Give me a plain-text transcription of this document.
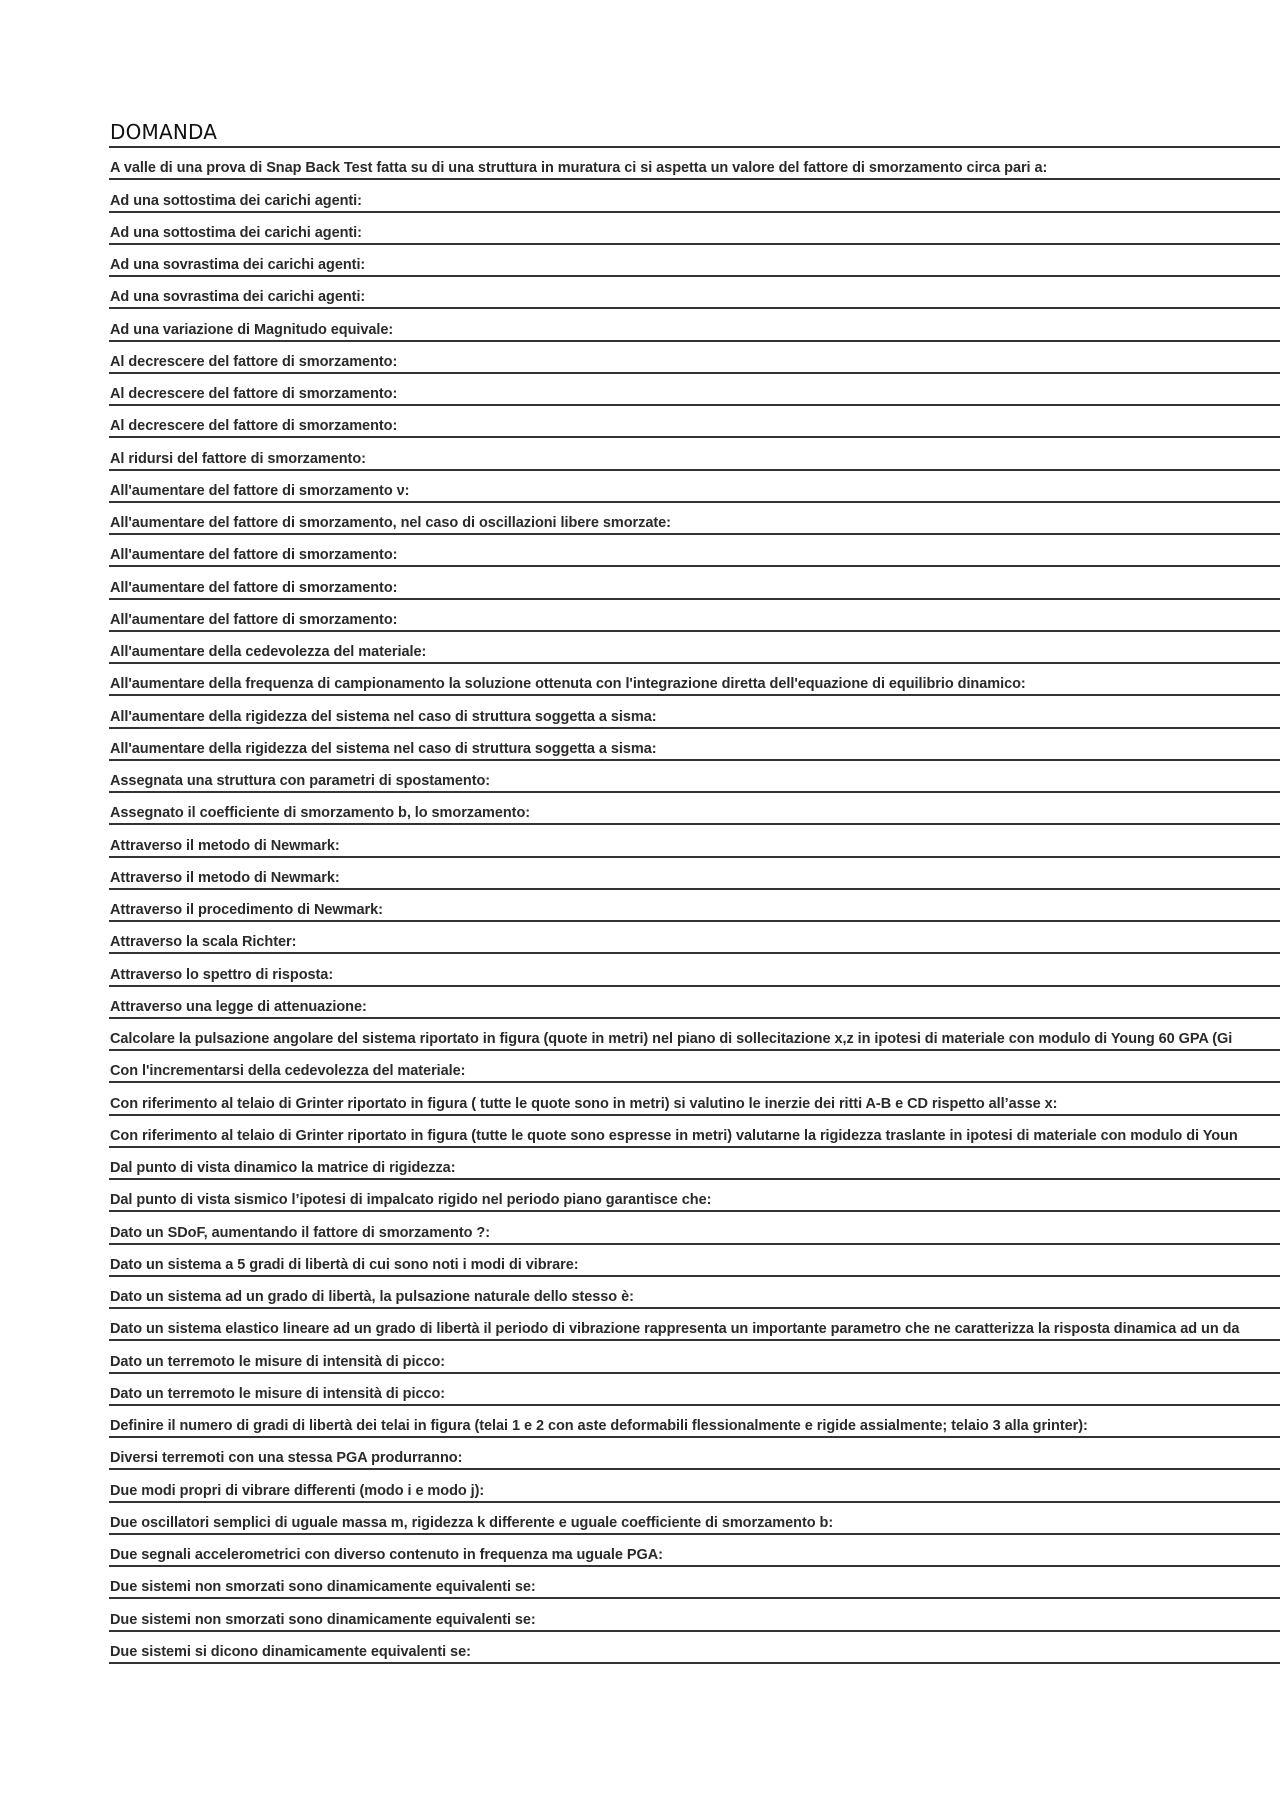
DOMANDA
A valle di una prova di Snap Back Test fatta su di una struttura in muratura ci si aspetta un valore del fattore di smorzamento circa pari a:
Ad una sottostima dei carichi agenti:
Ad una sottostima dei carichi agenti:
Ad una sovrastima dei carichi agenti:
Ad una sovrastima dei carichi agenti:
Ad una variazione di Magnitudo equivale:
Al decrescere del fattore di smorzamento:
Al decrescere del fattore di smorzamento:
Al decrescere del fattore di smorzamento:
Al ridursi del fattore di smorzamento:
All'aumentare del fattore di smorzamento ν:
All'aumentare del fattore di smorzamento, nel caso di oscillazioni libere smorzate:
All'aumentare del fattore di smorzamento:
All'aumentare del fattore di smorzamento:
All'aumentare del fattore di smorzamento:
All'aumentare della cedevolezza del materiale:
All'aumentare della frequenza di campionamento la soluzione ottenuta con l'integrazione diretta dell'equazione di equilibrio dinamico:
All'aumentare della rigidezza del sistema nel caso di struttura soggetta a sisma:
All'aumentare della rigidezza del sistema nel caso di struttura soggetta a sisma:
Assegnata una struttura con parametri di spostamento:
Assegnato il coefficiente di smorzamento b, lo smorzamento:
Attraverso il metodo di Newmark:
Attraverso il metodo di Newmark:
Attraverso il procedimento di Newmark:
Attraverso la scala Richter:
Attraverso lo spettro di risposta:
Attraverso una legge di attenuazione:
Calcolare la pulsazione angolare del sistema riportato in figura (quote in metri) nel piano di sollecitazione x,z in ipotesi di materiale con modulo di Young 60 GPA (Gi
Con l'incrementarsi della cedevolezza del materiale:
Con riferimento al telaio di Grinter riportato in figura ( tutte le quote sono in metri) si valutino le inerzie dei ritti A-B e CD rispetto all’asse x:
Con riferimento al telaio di Grinter riportato in figura (tutte le quote sono espresse in metri) valutarne la rigidezza traslante in ipotesi di materiale con modulo di Youn
Dal punto di vista dinamico la matrice di rigidezza:
Dal punto di vista sismico l’ipotesi di impalcato rigido nel periodo piano garantisce che:
Dato un SDoF, aumentando il fattore di smorzamento ?:
Dato un sistema a 5 gradi di libertà di cui sono noti i modi di vibrare:
Dato un sistema ad un grado di libertà, la pulsazione naturale dello stesso è:
Dato un sistema elastico lineare ad un grado di libertà il periodo di vibrazione rappresenta un importante parametro che ne caratterizza la risposta dinamica ad un da
Dato un terremoto le misure di intensità di picco:
Dato un terremoto le misure di intensità di picco:
Definire il numero di gradi di libertà dei telai in figura (telai 1 e 2 con aste deformabili flessionalmente e rigide assialmente; telaio 3 alla grinter):
Diversi terremoti con una stessa PGA produrranno:
Due modi propri di vibrare differenti (modo i e modo j):
Due oscillatori semplici di uguale massa m, rigidezza k differente e uguale coefficiente di smorzamento b:
Due segnali accelerometrici con diverso contenuto in frequenza ma uguale PGA:
Due sistemi non smorzati sono dinamicamente equivalenti se:
Due sistemi non smorzati sono dinamicamente equivalenti se:
Due sistemi si dicono dinamicamente equivalenti se:
